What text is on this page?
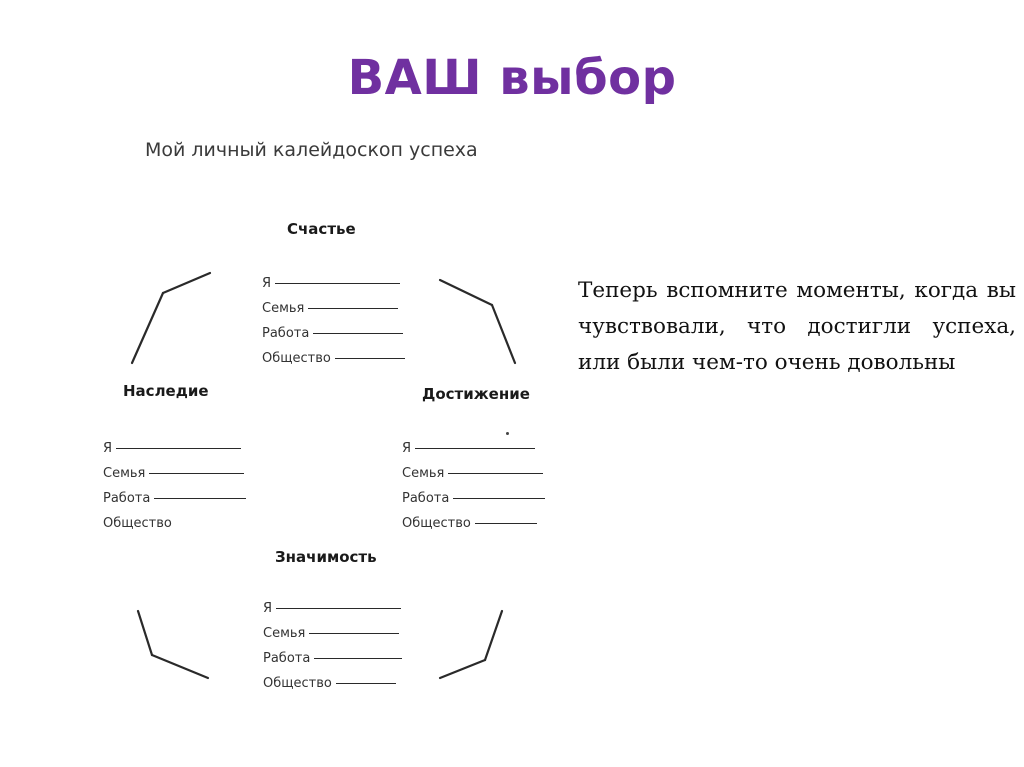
ВАШ выбор
Мой личный калейдоскоп успеха
Счастье
Я
Семья
Работа
Общество
Наследие
Я
Семья
Работа
Общество
Достижение
Я
Семья
Работа
Общество
Значимость
Я
Семья
Работа
Общество
Теперь вспомните моменты, когда вы чувствовали, что достигли успеха, или были чем-то очень довольны
